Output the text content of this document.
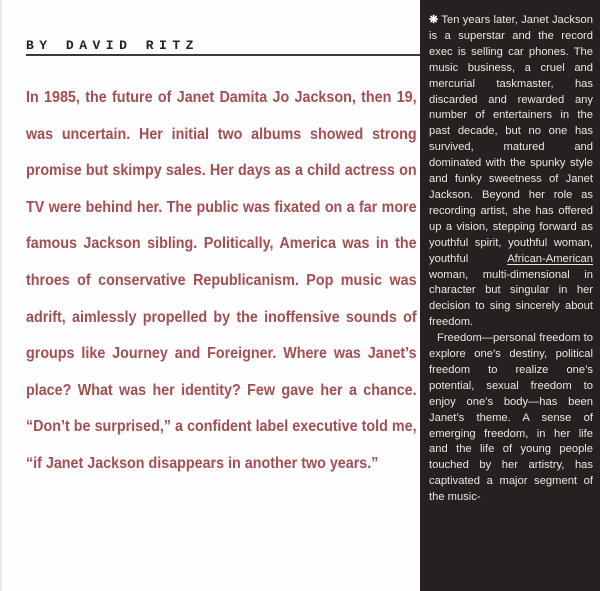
BY DAVID RITZ

In 1985, the future of Janet Damita Jo Jackson, then 19, was uncertain. Her initial two albums showed strong promise but skimpy sales. Her days as a child actress on TV were behind her. The public was fixated on a far more famous Jackson sibling. Politically, America was in the throes of conservative Republicanism. Pop music was adrift, aimlessly propelled by the inoffensive sounds of groups like Journey and Foreigner. Where was Janet’s place? What was her identity? Few gave her a chance. “Don’t be surprised,” a confident label executive told me, “if Janet Jackson disappears in another two years.”

❋ Ten years later, Janet Jackson is a superstar and the record exec is selling car phones. The music business, a cruel and mercurial taskmaster, has discarded and rewarded any number of entertainers in the past decade, but no one has survived, matured and dominated with the spunky style and funky sweetness of Janet Jackson. Beyond her role as recording artist, she has offered up a vision, stepping forward as youthful spirit, youthful woman, youthful	African-American woman, multi-dimensional in character but singular in her decision to sing sincerely about freedom.
Freedom—personal freedom to explore one’s destiny, political freedom to realize one’s potential, sexual freedom to enjoy one’s body—has been Janet’s theme. A sense of emerging freedom, in her life and the life of young people touched by her artistry, has captivated a major segment of the music-
